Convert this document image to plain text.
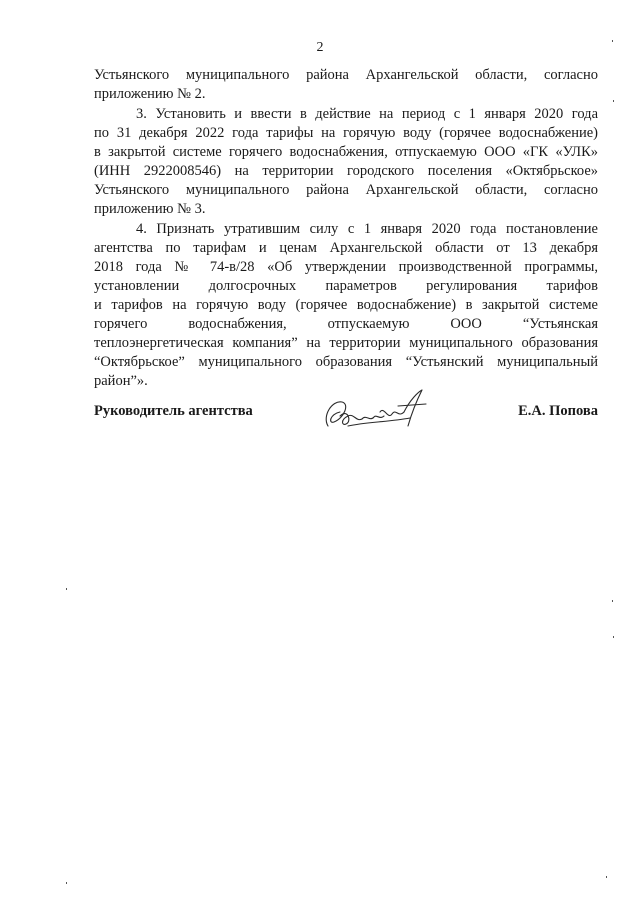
2
Устьянского муниципального района Архангельской области, согласно
приложению № 2.
3. Установить и ввести в действие на период с 1 января 2020 года
по 31 декабря 2022 года тарифы на горячую воду (горячее водоснабжение)
в закрытой системе горячего водоснабжения, отпускаемую ООО «ГК «УЛК»
(ИНН 2922008546) на территории городского поселения «Октябрьское»
Устьянского муниципального района Архангельской области, согласно
приложению № 3.
4. Признать утратившим силу с 1 января 2020 года постановление
агентства по тарифам и ценам Архангельской области от 13 декабря
2018 года № 74-в/28 «Об утверждении производственной программы,
установлении долгосрочных параметров регулирования тарифов
и тарифов на горячую воду (горячее водоснабжение) в закрытой системе
горячего водоснабжения, отпускаемую ООО “Устьянская
теплоэнергетическая компания” на территории муниципального образования
“Октябрьское” муниципального образования “Устьянский муниципальный
район”».
Руководитель агентства	Е.А. Попова
